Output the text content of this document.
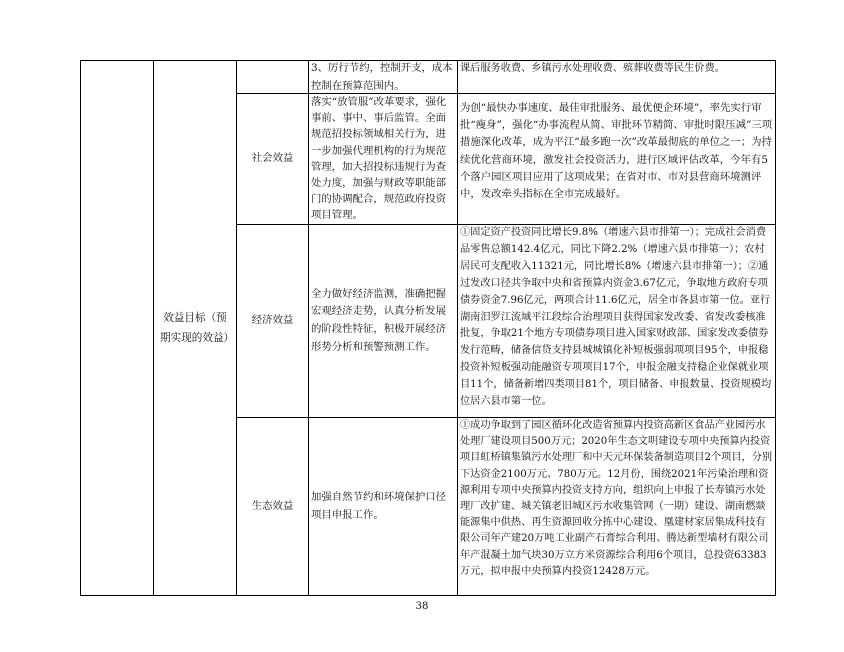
效益目标（预期实现的效益）
3、厉行节约，控制开支，成本控制在预算范围内。
课后服务收费、乡镇污水处理收费、殡葬收费等民生价费。
社会效益
落实“放管服”改革要求，强化事前、事中、事后监管。全面规范招投标领域相关行为，进一步加强代理机构的行为规范管理，加大招投标违规行为查处力度，加强与财政等职能部门的协调配合，规范政府投资项目管理。
为创“最快办事速度、最佳审批服务、最优便企环境”，率先实行审批“瘦身”，强化“办事流程从简、审批环节精简、审批时限压减”三项措施深化改革，成为平江“最多跑一次”改革最彻底的单位之一；为持续优化营商环境，激发社会投资活力，进行区域评估改革，今年有5个落户园区项目应用了这项成果；在省对市、市对县营商环境测评中，发改牵头指标在全市完成最好。
经济效益
全力做好经济监测，准确把握宏观经济走势，认真分析发展的阶段性特征，积极开展经济形势分析和预警预测工作。
①固定资产投资同比增长9.8%（增速六县市排第一）；完成社会消费品零售总额142.4亿元，同比下降2.2%（增速六县市排第一）；农村居民可支配收入11321元，同比增长8%（增速六县市排第一）；②通过发改口径共争取中央和省预算内资金3.67亿元，争取地方政府专项债券资金7.96亿元，两项合计11.6亿元，居全市各县市第一位。亚行湖南汨罗江流域平江段综合治理项目获得国家发改委、省发改委核准批复，争取21个地方专项债券项目进入国家财政部、国家发改委债券发行范畴，储备信贷支持县城城镇化补短板强弱项项目95个，申报稳投资补短板强动能融资专项项目17个，申报金融支持稳企业保就业项目11个，储备新增四类项目81个，项目储备、申报数量、投资规模均位居六县市第一位。
生态效益
加强自然节约和环境保护口径项目申报工作。
①成功争取到了园区循环化改造省预算内投资高新区食品产业园污水处理厂建设项目500万元；2020年生态文明建设专项中央预算内投资项目虹桥镇集镇污水处理厂和中天元环保装备制造项目2个项目，分别下达资金2100万元、780万元。12月份，围绕2021年污染治理和资源利用专项中央预算内投资支持方向，组织向上申报了长寿镇污水处理厂改扩建、城关镇老旧城区污水收集管网（一期）建设、湖南燃燚能源集中供热、再生资源回收分拣中心建设、凰建材家居集成科技有限公司年产建20万吨工业副产石膏综合利用、腾达新型墙材有限公司年产混凝土加气块30万立方米资源综合利用6个项目，总投资63383万元，拟申报中央预算内投资12428万元。
38
